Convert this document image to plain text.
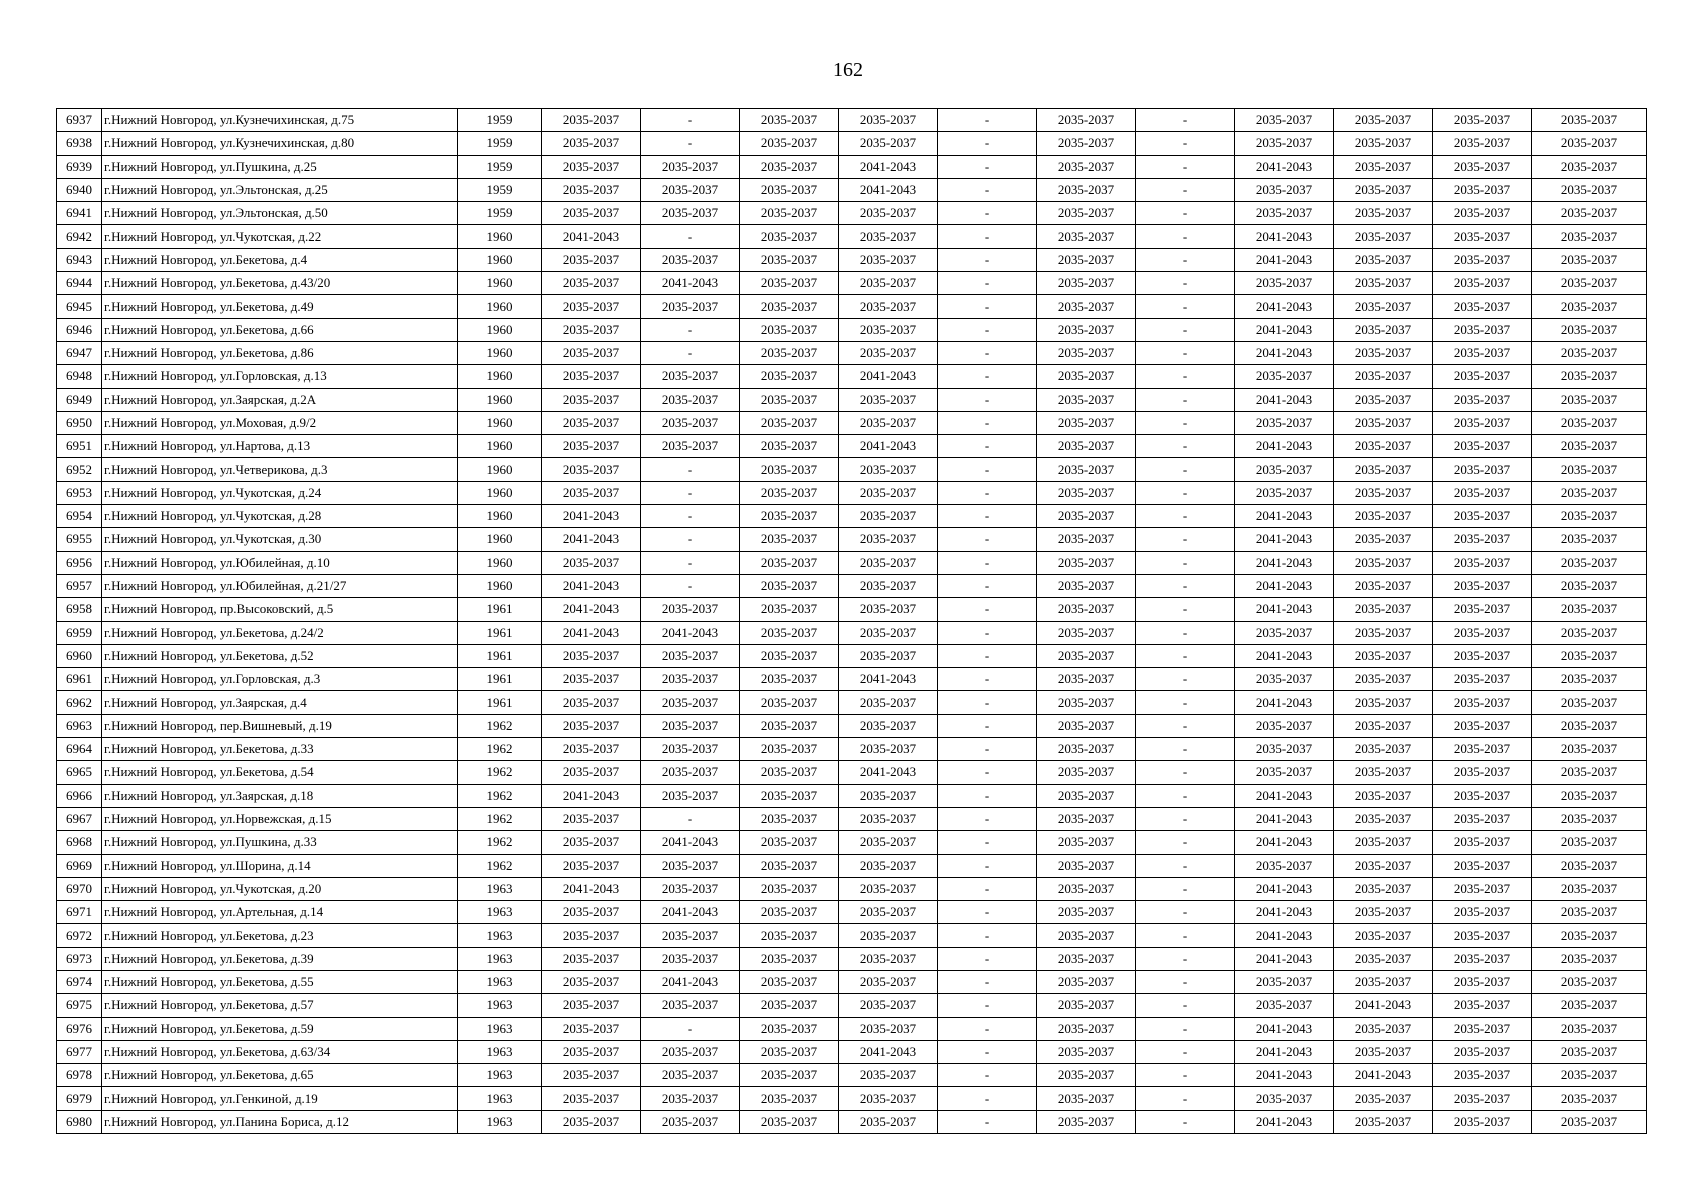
162
6937	г.Нижний Новгород, ул.Кузнечихинская, д.75	1959	2035-2037	-	2035-2037	2035-2037	-	2035-2037	-	2035-2037	2035-2037	2035-2037	2035-2037
6938	г.Нижний Новгород, ул.Кузнечихинская, д.80	1959	2035-2037	-	2035-2037	2035-2037	-	2035-2037	-	2035-2037	2035-2037	2035-2037	2035-2037
6939	г.Нижний Новгород, ул.Пушкина, д.25	1959	2035-2037	2035-2037	2035-2037	2041-2043	-	2035-2037	-	2041-2043	2035-2037	2035-2037	2035-2037
6940	г.Нижний Новгород, ул.Эльтонская, д.25	1959	2035-2037	2035-2037	2035-2037	2041-2043	-	2035-2037	-	2035-2037	2035-2037	2035-2037	2035-2037
6941	г.Нижний Новгород, ул.Эльтонская, д.50	1959	2035-2037	2035-2037	2035-2037	2035-2037	-	2035-2037	-	2035-2037	2035-2037	2035-2037	2035-2037
6942	г.Нижний Новгород, ул.Чукотская, д.22	1960	2041-2043	-	2035-2037	2035-2037	-	2035-2037	-	2041-2043	2035-2037	2035-2037	2035-2037
6943	г.Нижний Новгород, ул.Бекетова, д.4	1960	2035-2037	2035-2037	2035-2037	2035-2037	-	2035-2037	-	2041-2043	2035-2037	2035-2037	2035-2037
6944	г.Нижний Новгород, ул.Бекетова, д.43/20	1960	2035-2037	2041-2043	2035-2037	2035-2037	-	2035-2037	-	2035-2037	2035-2037	2035-2037	2035-2037
6945	г.Нижний Новгород, ул.Бекетова, д.49	1960	2035-2037	2035-2037	2035-2037	2035-2037	-	2035-2037	-	2041-2043	2035-2037	2035-2037	2035-2037
6946	г.Нижний Новгород, ул.Бекетова, д.66	1960	2035-2037	-	2035-2037	2035-2037	-	2035-2037	-	2041-2043	2035-2037	2035-2037	2035-2037
6947	г.Нижний Новгород, ул.Бекетова, д.86	1960	2035-2037	-	2035-2037	2035-2037	-	2035-2037	-	2041-2043	2035-2037	2035-2037	2035-2037
6948	г.Нижний Новгород, ул.Горловская, д.13	1960	2035-2037	2035-2037	2035-2037	2041-2043	-	2035-2037	-	2035-2037	2035-2037	2035-2037	2035-2037
6949	г.Нижний Новгород, ул.Заярская, д.2А	1960	2035-2037	2035-2037	2035-2037	2035-2037	-	2035-2037	-	2041-2043	2035-2037	2035-2037	2035-2037
6950	г.Нижний Новгород, ул.Моховая, д.9/2	1960	2035-2037	2035-2037	2035-2037	2035-2037	-	2035-2037	-	2035-2037	2035-2037	2035-2037	2035-2037
6951	г.Нижний Новгород, ул.Нартова, д.13	1960	2035-2037	2035-2037	2035-2037	2041-2043	-	2035-2037	-	2041-2043	2035-2037	2035-2037	2035-2037
6952	г.Нижний Новгород, ул.Четверикова, д.3	1960	2035-2037	-	2035-2037	2035-2037	-	2035-2037	-	2035-2037	2035-2037	2035-2037	2035-2037
6953	г.Нижний Новгород, ул.Чукотская, д.24	1960	2035-2037	-	2035-2037	2035-2037	-	2035-2037	-	2035-2037	2035-2037	2035-2037	2035-2037
6954	г.Нижний Новгород, ул.Чукотская, д.28	1960	2041-2043	-	2035-2037	2035-2037	-	2035-2037	-	2041-2043	2035-2037	2035-2037	2035-2037
6955	г.Нижний Новгород, ул.Чукотская, д.30	1960	2041-2043	-	2035-2037	2035-2037	-	2035-2037	-	2041-2043	2035-2037	2035-2037	2035-2037
6956	г.Нижний Новгород, ул.Юбилейная, д.10	1960	2035-2037	-	2035-2037	2035-2037	-	2035-2037	-	2041-2043	2035-2037	2035-2037	2035-2037
6957	г.Нижний Новгород, ул.Юбилейная, д.21/27	1960	2041-2043	-	2035-2037	2035-2037	-	2035-2037	-	2041-2043	2035-2037	2035-2037	2035-2037
6958	г.Нижний Новгород, пр.Высоковский, д.5	1961	2041-2043	2035-2037	2035-2037	2035-2037	-	2035-2037	-	2041-2043	2035-2037	2035-2037	2035-2037
6959	г.Нижний Новгород, ул.Бекетова, д.24/2	1961	2041-2043	2041-2043	2035-2037	2035-2037	-	2035-2037	-	2035-2037	2035-2037	2035-2037	2035-2037
6960	г.Нижний Новгород, ул.Бекетова, д.52	1961	2035-2037	2035-2037	2035-2037	2035-2037	-	2035-2037	-	2041-2043	2035-2037	2035-2037	2035-2037
6961	г.Нижний Новгород, ул.Горловская, д.3	1961	2035-2037	2035-2037	2035-2037	2041-2043	-	2035-2037	-	2035-2037	2035-2037	2035-2037	2035-2037
6962	г.Нижний Новгород, ул.Заярская, д.4	1961	2035-2037	2035-2037	2035-2037	2035-2037	-	2035-2037	-	2041-2043	2035-2037	2035-2037	2035-2037
6963	г.Нижний Новгород, пер.Вишневый, д.19	1962	2035-2037	2035-2037	2035-2037	2035-2037	-	2035-2037	-	2035-2037	2035-2037	2035-2037	2035-2037
6964	г.Нижний Новгород, ул.Бекетова, д.33	1962	2035-2037	2035-2037	2035-2037	2035-2037	-	2035-2037	-	2035-2037	2035-2037	2035-2037	2035-2037
6965	г.Нижний Новгород, ул.Бекетова, д.54	1962	2035-2037	2035-2037	2035-2037	2041-2043	-	2035-2037	-	2035-2037	2035-2037	2035-2037	2035-2037
6966	г.Нижний Новгород, ул.Заярская, д.18	1962	2041-2043	2035-2037	2035-2037	2035-2037	-	2035-2037	-	2041-2043	2035-2037	2035-2037	2035-2037
6967	г.Нижний Новгород, ул.Норвежская, д.15	1962	2035-2037	-	2035-2037	2035-2037	-	2035-2037	-	2041-2043	2035-2037	2035-2037	2035-2037
6968	г.Нижний Новгород, ул.Пушкина, д.33	1962	2035-2037	2041-2043	2035-2037	2035-2037	-	2035-2037	-	2041-2043	2035-2037	2035-2037	2035-2037
6969	г.Нижний Новгород, ул.Шорина, д.14	1962	2035-2037	2035-2037	2035-2037	2035-2037	-	2035-2037	-	2035-2037	2035-2037	2035-2037	2035-2037
6970	г.Нижний Новгород, ул.Чукотская, д.20	1963	2041-2043	2035-2037	2035-2037	2035-2037	-	2035-2037	-	2041-2043	2035-2037	2035-2037	2035-2037
6971	г.Нижний Новгород, ул.Артельная, д.14	1963	2035-2037	2041-2043	2035-2037	2035-2037	-	2035-2037	-	2041-2043	2035-2037	2035-2037	2035-2037
6972	г.Нижний Новгород, ул.Бекетова, д.23	1963	2035-2037	2035-2037	2035-2037	2035-2037	-	2035-2037	-	2041-2043	2035-2037	2035-2037	2035-2037
6973	г.Нижний Новгород, ул.Бекетова, д.39	1963	2035-2037	2035-2037	2035-2037	2035-2037	-	2035-2037	-	2041-2043	2035-2037	2035-2037	2035-2037
6974	г.Нижний Новгород, ул.Бекетова, д.55	1963	2035-2037	2041-2043	2035-2037	2035-2037	-	2035-2037	-	2035-2037	2035-2037	2035-2037	2035-2037
6975	г.Нижний Новгород, ул.Бекетова, д.57	1963	2035-2037	2035-2037	2035-2037	2035-2037	-	2035-2037	-	2035-2037	2041-2043	2035-2037	2035-2037
6976	г.Нижний Новгород, ул.Бекетова, д.59	1963	2035-2037	-	2035-2037	2035-2037	-	2035-2037	-	2041-2043	2035-2037	2035-2037	2035-2037
6977	г.Нижний Новгород, ул.Бекетова, д.63/34	1963	2035-2037	2035-2037	2035-2037	2041-2043	-	2035-2037	-	2041-2043	2035-2037	2035-2037	2035-2037
6978	г.Нижний Новгород, ул.Бекетова, д.65	1963	2035-2037	2035-2037	2035-2037	2035-2037	-	2035-2037	-	2041-2043	2041-2043	2035-2037	2035-2037
6979	г.Нижний Новгород, ул.Генкиной, д.19	1963	2035-2037	2035-2037	2035-2037	2035-2037	-	2035-2037	-	2035-2037	2035-2037	2035-2037	2035-2037
6980	г.Нижний Новгород, ул.Панина Бориса, д.12	1963	2035-2037	2035-2037	2035-2037	2035-2037	-	2035-2037	-	2041-2043	2035-2037	2035-2037	2035-2037
